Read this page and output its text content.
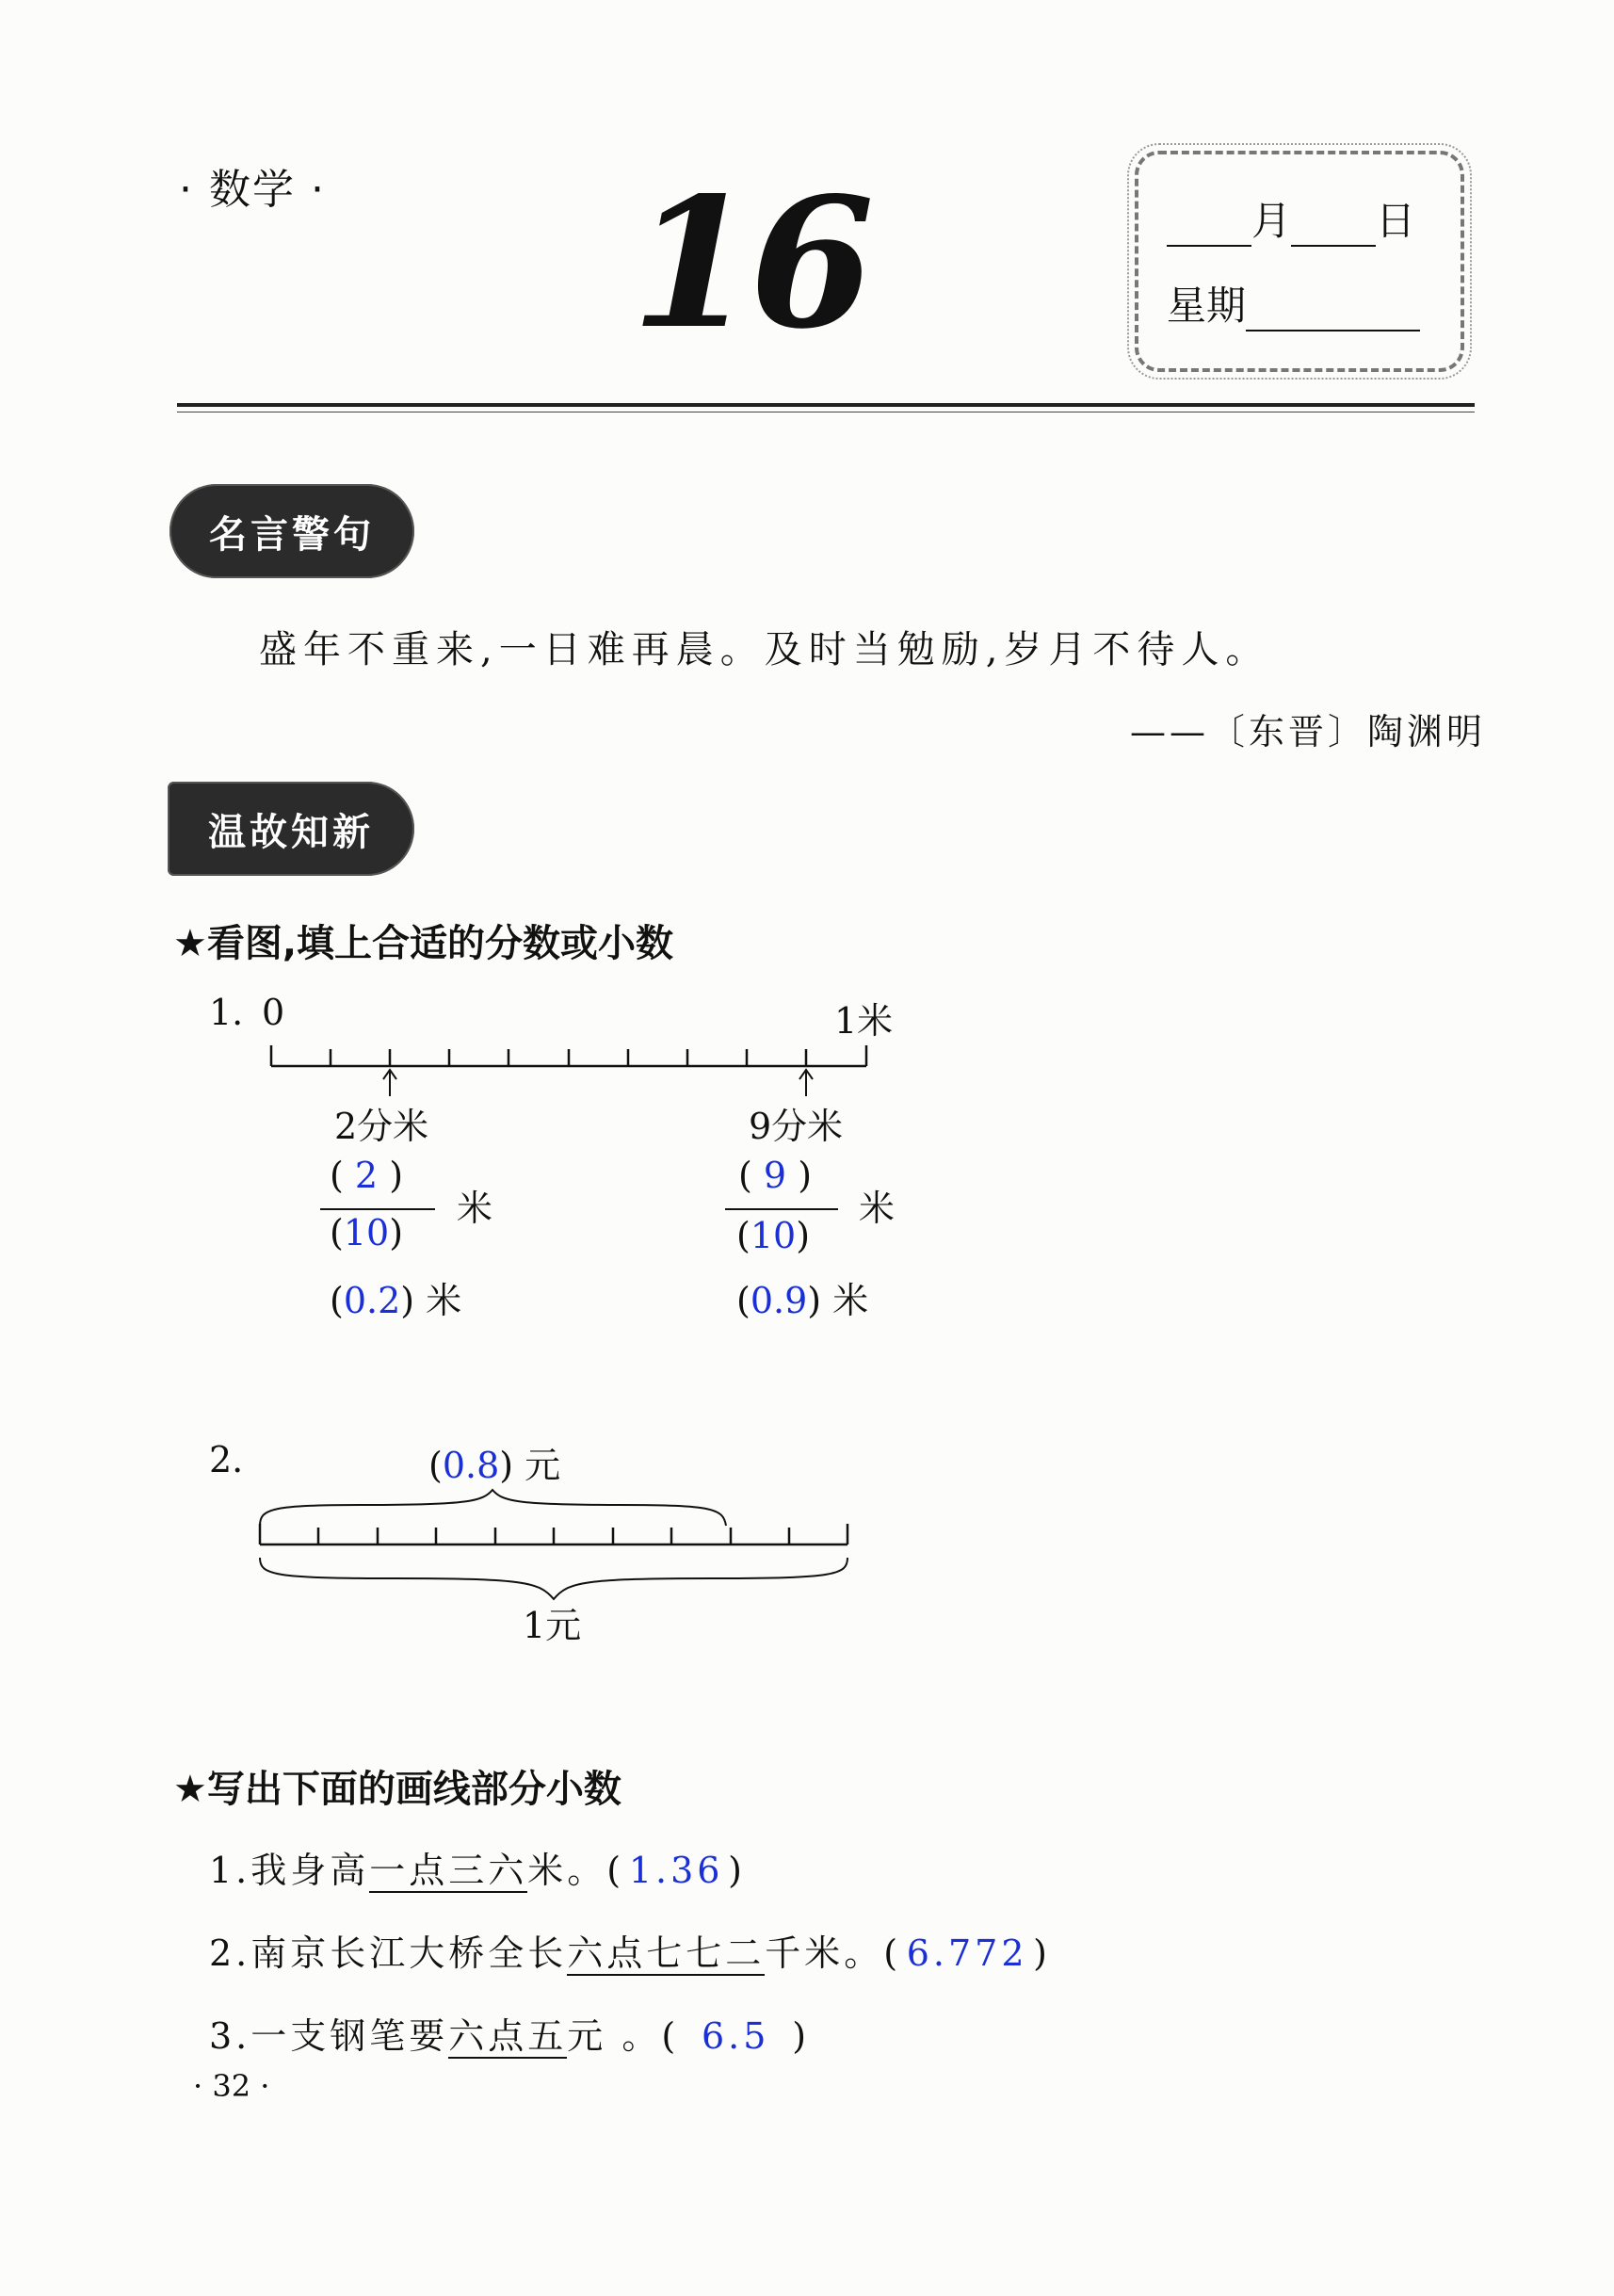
· 数学 · 16	月 日
星期
名言警句
盛年不重来,一日难再晨。及时当勉励,岁月不待人。
——〔东晋〕陶渊明
温故知新
★看图,填上合适的分数或小数
1. 0	1米
2分米	9分米
( 2 )
(10)
米
(0.2) 米
( 9 )
(10)
米
(0.9) 米
2.	(0.8) 元
1元
★写出下面的画线部分小数
1.我身高一点三六米。( 1.36 )
2.南京长江大桥全长六点七七二千米。( 6.772 )
3.一支钢笔要六点五元 。( 6.5 )
· 32 ·
